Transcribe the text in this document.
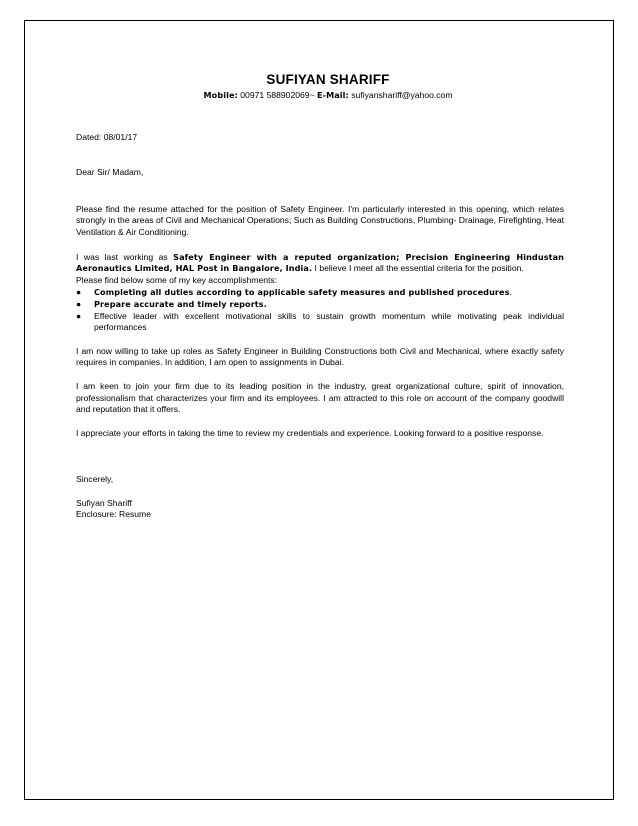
SUFIYAN SHARIFF
Mobile: 00971 588902069~ E-Mail: sufiyanshariff@yahoo.com
Dated: 08/01/17
Dear Sir/ Madam,
Please find the resume attached for the position of Safety Engineer. I'm particularly interested in this opening, which relates strongly in the areas of Civil and Mechanical Operations; Such as Building Constructions, Plumbing- Drainage, Firefighting, Heat Ventilation & Air Conditioning.
I was last working as Safety Engineer with a reputed organization; Precision Engineering Hindustan Aeronautics Limited, HAL Post in Bangalore, India. I believe I meet all the essential criteria for the position.
Please find below some of my key accomplishments:
● Completing all duties according to applicable safety measures and published procedures.
● Prepare accurate and timely reports.
● Effective leader with excellent motivational skills to sustain growth momentum while motivating peak individual performances
I am now willing to take up roles as Safety Engineer in Building Constructions both Civil and Mechanical, where exactly safety requires in companies. In addition, I am open to assignments in Dubai.
I am keen to join your firm due to its leading position in the industry, great organizational culture, spirit of innovation, professionalism that characterizes your firm and its employees. I am attracted to this role on account of the company goodwill and reputation that it offers.
I appreciate your efforts in taking the time to review my credentials and experience. Looking forward to a positive response.
Sincerely,
Sufiyan Shariff
Enclosure: Resume
